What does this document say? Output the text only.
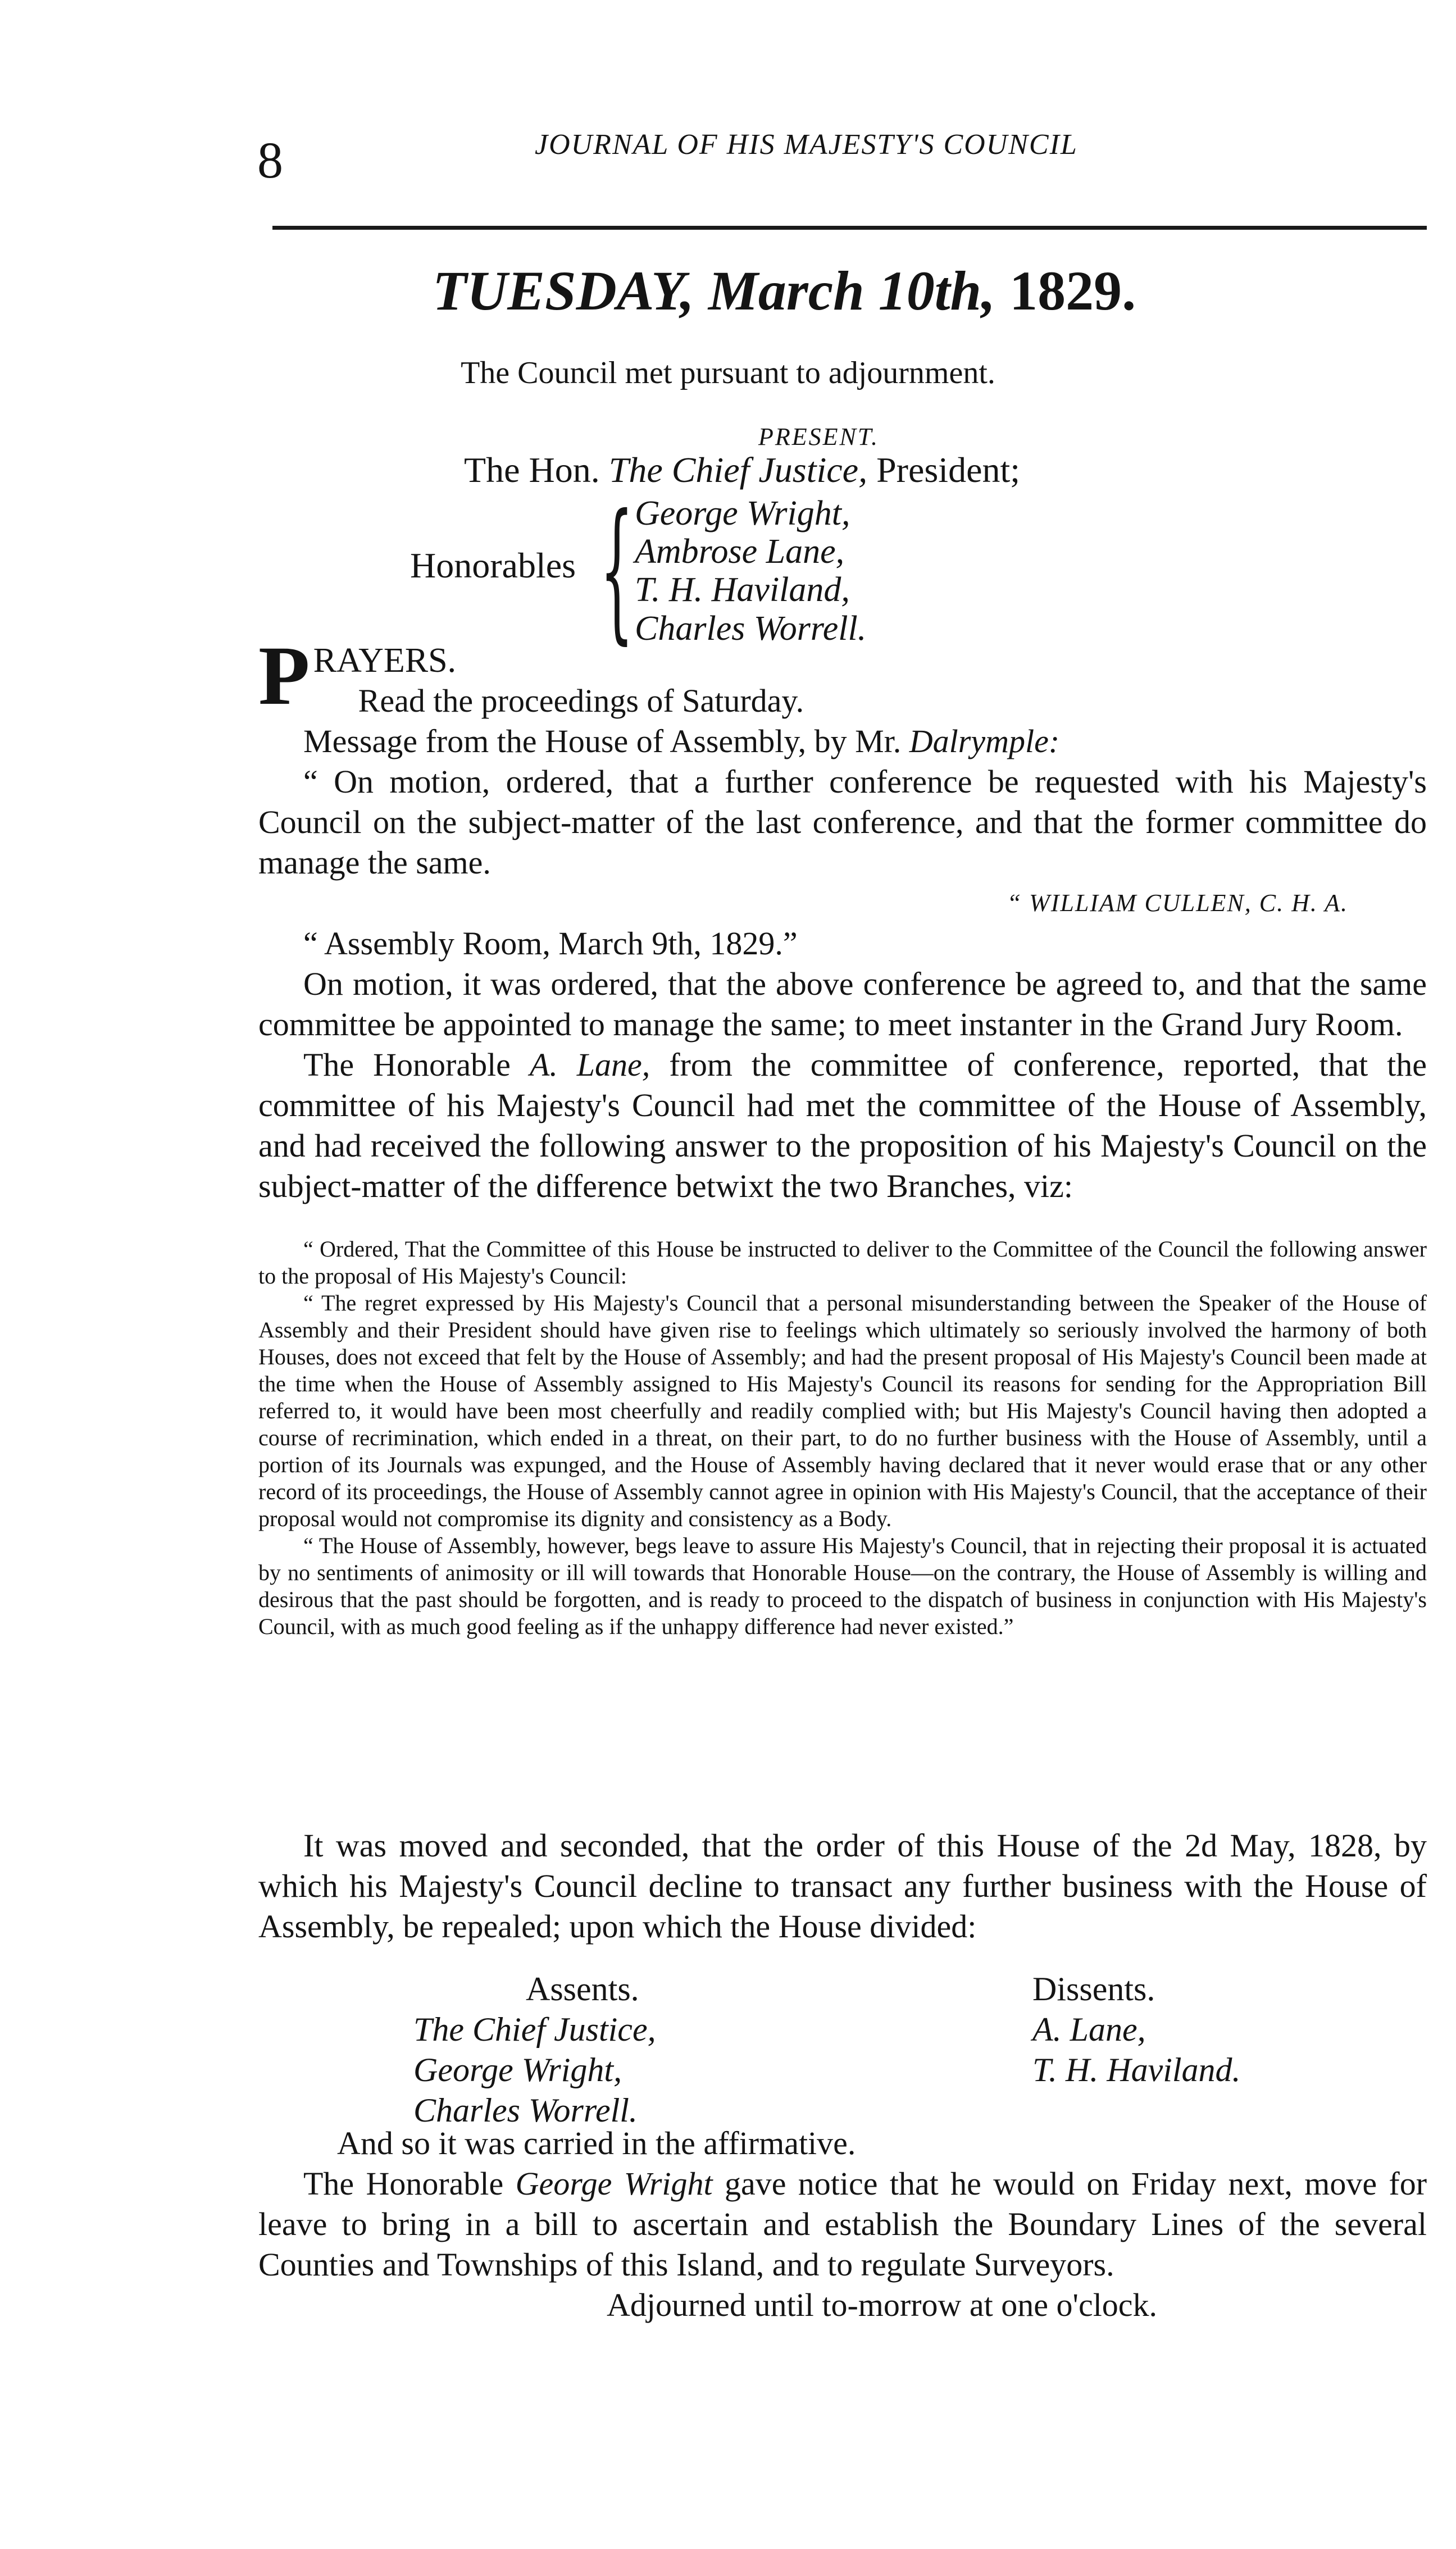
8	JOURNAL OF HIS MAJESTY'S COUNCIL
TUESDAY, March 10th, 1829.
The Council met pursuant to adjournment.
PRESENT.
The Hon. The Chief Justice, President;
Honorables { George Wright,
Ambrose Lane,
T. H. Haviland,
Charles Worrell.

PRAYERS.

Read the proceedings of Saturday.

Message from the House of Assembly, by Mr. Dalrymple:

“ On motion, ordered, that a further conference be requested with his Majesty's Council on the subject-matter of the last conference, and that the former committee do manage the same.

“ WILLIAM CULLEN, C. H. A.

“ Assembly Room, March 9th, 1829.”

On motion, it was ordered, that the above conference be agreed to, and that the same committee be appointed to manage the same; to meet instanter in the Grand Jury Room.

The Honorable A. Lane, from the committee of conference, reported, that the committee of his Majesty's Council had met the committee of the House of Assembly, and had received the following answer to the proposition of his Majesty's Council on the subject-matter of the difference betwixt the two Branches, viz:

“ Ordered, That the Committee of this House be instructed to deliver to the Committee of the Council the following answer to the proposal of His Majesty's Council:

“ The regret expressed by His Majesty's Council that a personal misunderstanding between the Speaker of the House of Assembly and their President should have given rise to feelings which ultimately so seriously involved the harmony of both Houses, does not exceed that felt by the House of Assembly; and had the present proposal of His Majesty's Council been made at the time when the House of Assembly assigned to His Majesty's Council its reasons for sending for the Appropriation Bill referred to, it would have been most cheerfully and readily complied with; but His Majesty's Council having then adopted a course of recrimination, which ended in a threat, on their part, to do no further business with the House of Assembly, until a portion of its Journals was expunged, and the House of Assembly having declared that it never would erase that or any other record of its proceedings, the House of Assembly cannot agree in opinion with His Majesty's Council, that the acceptance of their proposal would not compromise its dignity and consistency as a Body.

“ The House of Assembly, however, begs leave to assure His Majesty's Council, that in rejecting their proposal it is actuated by no sentiments of animosity or ill will towards that Honorable House—on the contrary, the House of Assembly is willing and desirous that the past should be forgotten, and is ready to proceed to the dispatch of business in conjunction with His Majesty's Council, with as much good feeling as if the unhappy difference had never existed.”

It was moved and seconded, that the order of this House of the 2d May, 1828, by which his Majesty's Council decline to transact any further business with the House of Assembly, be repealed; upon which the House divided:

Assents.
The Chief Justice,
George Wright,
Charles Worrell.
Dissents.
A. Lane,
T. H. Haviland.

And so it was carried in the affirmative.

The Honorable George Wright gave notice that he would on Friday next, move for leave to bring in a bill to ascertain and establish the Boundary Lines of the several Counties and Townships of this Island, and to regulate Surveyors.

Adjourned until to-morrow at one o'clock.
